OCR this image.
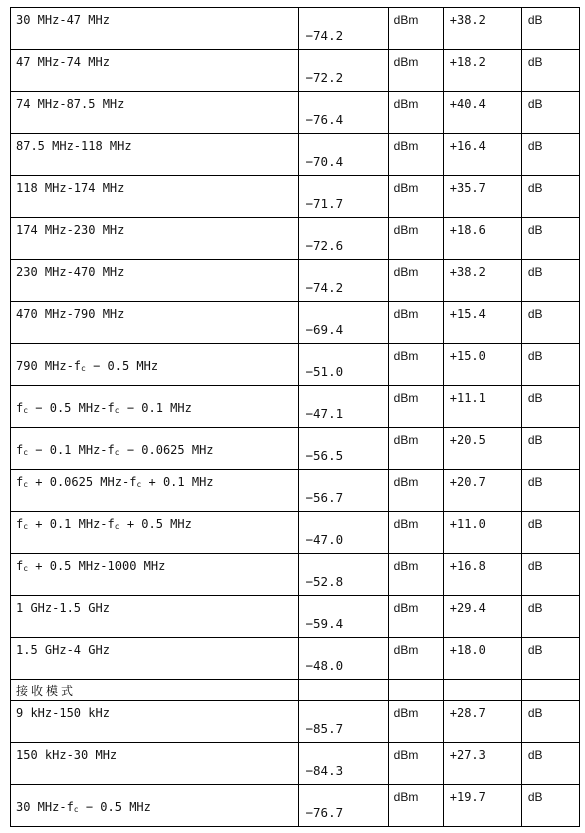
30 MHz-47 MHz	−74.2	dBm	+38.2	dB

47 MHz-74 MHz	−72.2	dBm	+18.2	dB

74 MHz-87.5 MHz	−76.4	dBm	+40.4	dB

87.5 MHz-118 MHz	−70.4	dBm	+16.4	dB

118 MHz-174 MHz	−71.7	dBm	+35.7	dB

174 MHz-230 MHz	−72.6	dBm	+18.6	dB

230 MHz-470 MHz	−74.2	dBm	+38.2	dB

470 MHz-790 MHz	−69.4	dBm	+15.4	dB

790 MHz-$f_c - 0.5$ MHz	−51.0	dBm	+15.0	dB

$f_c - 0.5$ MHz-$f_c - 0.1$ MHz	−47.1	dBm	+11.1	dB

$f_c - 0.1$ MHz-$f_c - 0.0625$ MHz	−56.5	dBm	+20.5	dB

$f_c + 0.0625$ MHz-$f_c + 0.1$ MHz	−56.7	dBm	+20.7	dB

$f_c + 0.1$ MHz-$f_c + 0.5$ MHz	−47.0	dBm	+11.0	dB

$f_c + 0.5$ MHz-1000 MHz	−52.8	dBm	+16.8	dB

1 GHz-1.5 GHz	−59.4	dBm	+29.4	dB

1.5 GHz-4 GHz	−48.0	dBm	+18.0	dB

接收模式				

9 kHz-150 kHz	−85.7	dBm	+28.7	dB

150 kHz-30 MHz	−84.3	dBm	+27.3	dB

30 MHz-$f_c - 0.5$ MHz	−76.7	dBm	+19.7	dB
